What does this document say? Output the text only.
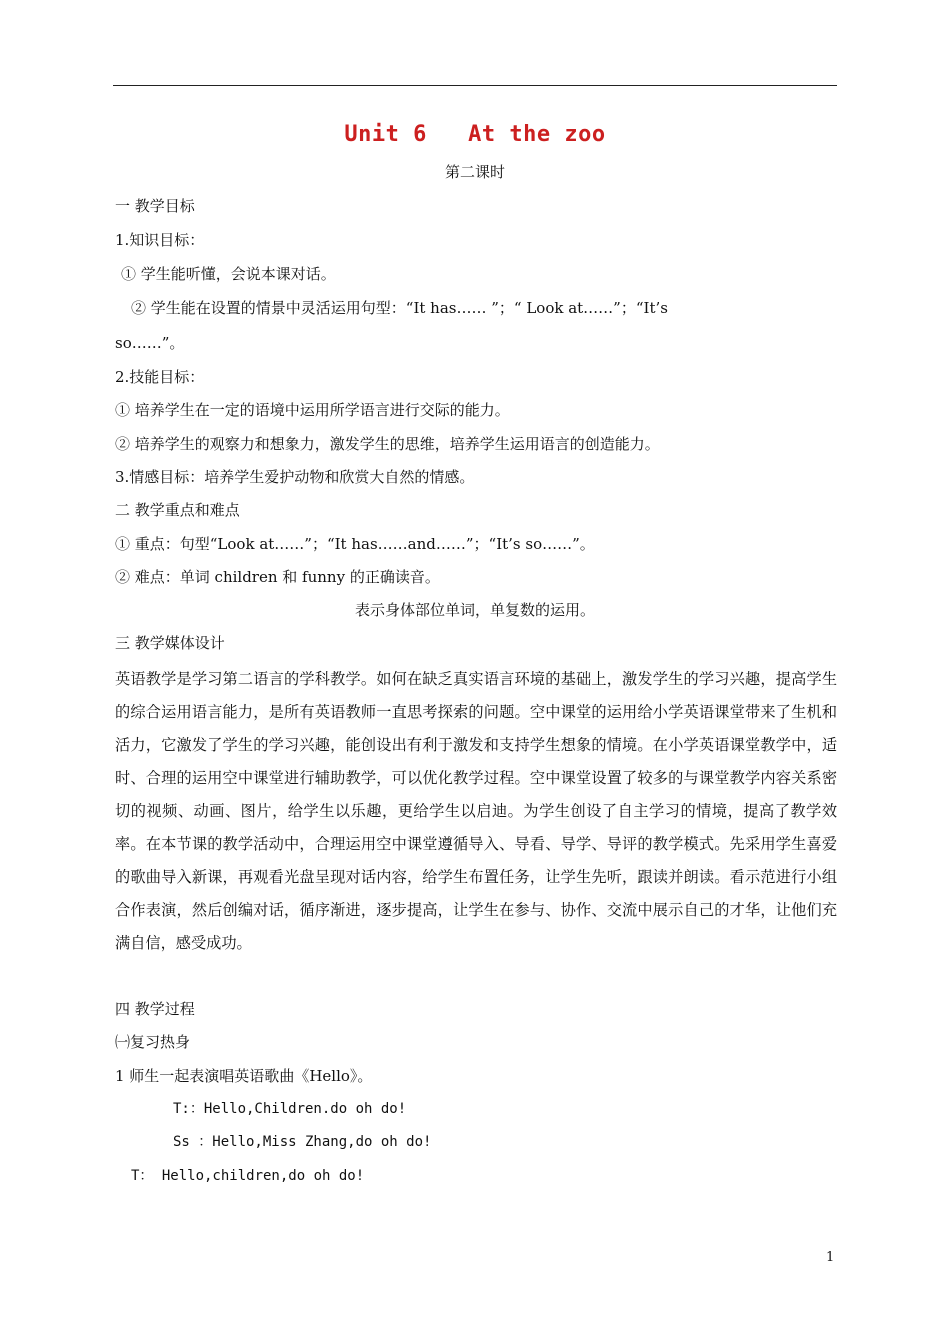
Unit 6   At the zoo
第二课时
一 教学目标
1.知识目标：
① 学生能听懂，会说本课对话。
② 学生能在设置的情景中灵活运用句型：“It has…… ”；“ Look at……”；“It’s
so……”。
2.技能目标：
① 培养学生在一定的语境中运用所学语言进行交际的能力。
② 培养学生的观察力和想象力，激发学生的思维，培养学生运用语言的创造能力。
3.情感目标：培养学生爱护动物和欣赏大自然的情感。
二 教学重点和难点
① 重点：句型“Look at……”；“It has……and……”；“It’s so……”。
② 难点：单词 children 和 funny 的正确读音。
表示身体部位单词，单复数的运用。
三 教学媒体设计
英语教学是学习第二语言的学科教学。如何在缺乏真实语言环境的基础上，激发学生的学习兴趣，提高学生的综合运用语言能力，是所有英语教师一直思考探索的问题。空中课堂的运用给小学英语课堂带来了生机和活力，它激发了学生的学习兴趣，能创设出有利于激发和支持学生想象的情境。在小学英语课堂教学中，适时、合理的运用空中课堂进行辅助教学，可以优化教学过程。空中课堂设置了较多的与课堂教学内容关系密切的视频、动画、图片，给学生以乐趣，更给学生以启迪。为学生创设了自主学习的情境，提高了教学效率。在本节课的教学活动中，合理运用空中课堂遵循导入、导看、导学、导评的教学模式。先采用学生喜爱的歌曲导入新课，再观看光盘呈现对话内容，给学生布置任务，让学生先听，跟读并朗读。看示范进行小组合作表演，然后创编对话，循序渐进，逐步提高，让学生在参与、协作、交流中展示自己的才华，让他们充满自信，感受成功。
四 教学过程
㈠复习热身
1 师生一起表演唱英语歌曲《Hello》。
T:：Hello,Children.do oh do!
Ss ：Hello,Miss Zhang,do oh do!
T： Hello,children,do oh do!
1
